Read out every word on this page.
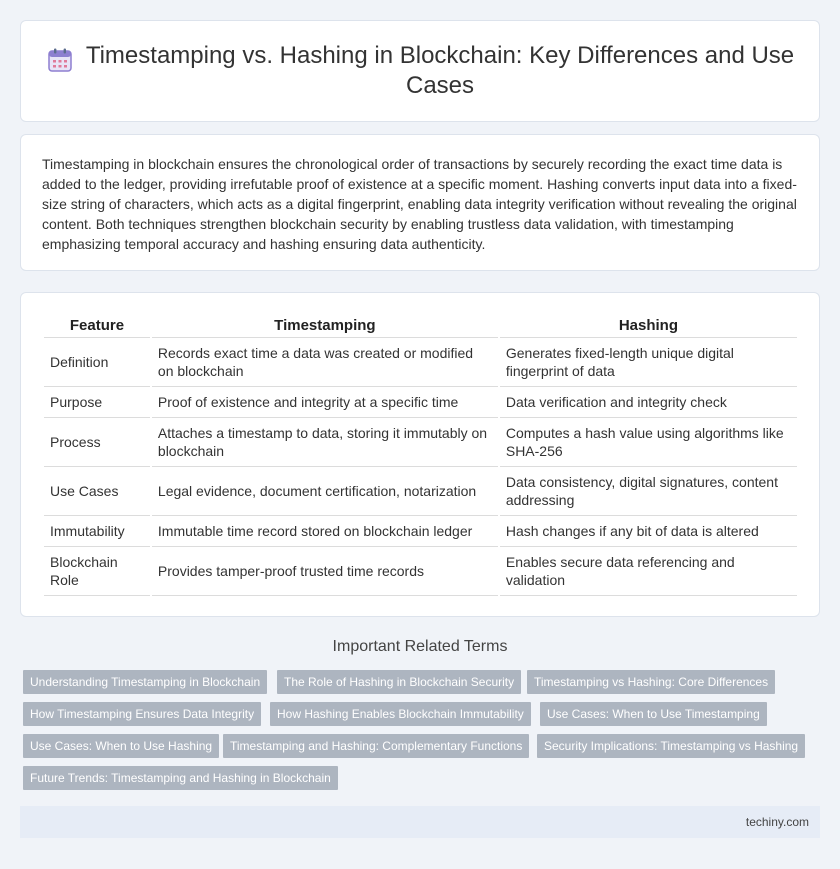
Timestamping vs. Hashing in Blockchain: Key Differences and Use Cases

Timestamping in blockchain ensures the chronological order of transactions by securely recording the exact time data is added to the ledger, providing irrefutable proof of existence at a specific moment. Hashing converts input data into a fixed-size string of characters, which acts as a digital fingerprint, enabling data integrity verification without revealing the original content. Both techniques strengthen blockchain security by enabling trustless data validation, with timestamping emphasizing temporal accuracy and hashing ensuring data authenticity.

Feature	Timestamping	Hashing
Definition	Records exact time a data was created or modified on blockchain	Generates fixed-length unique digital fingerprint of data
Purpose	Proof of existence and integrity at a specific time	Data verification and integrity check
Process	Attaches a timestamp to data, storing it immutably on blockchain	Computes a hash value using algorithms like SHA-256
Use Cases	Legal evidence, document certification, notarization	Data consistency, digital signatures, content addressing
Immutability	Immutable time record stored on blockchain ledger	Hash changes if any bit of data is altered
Blockchain Role	Provides tamper-proof trusted time records	Enables secure data referencing and validation
Important Related Terms
Understanding Timestamping in Blockchain	The Role of Hashing in Blockchain Security	Timestamping vs Hashing: Core Differences
How Timestamping Ensures Data Integrity	How Hashing Enables Blockchain Immutability	Use Cases: When to Use Timestamping
Use Cases: When to Use Hashing	Timestamping and Hashing: Complementary Functions	Security Implications: Timestamping vs Hashing
Future Trends: Timestamping and Hashing in Blockchain
techiny.com
